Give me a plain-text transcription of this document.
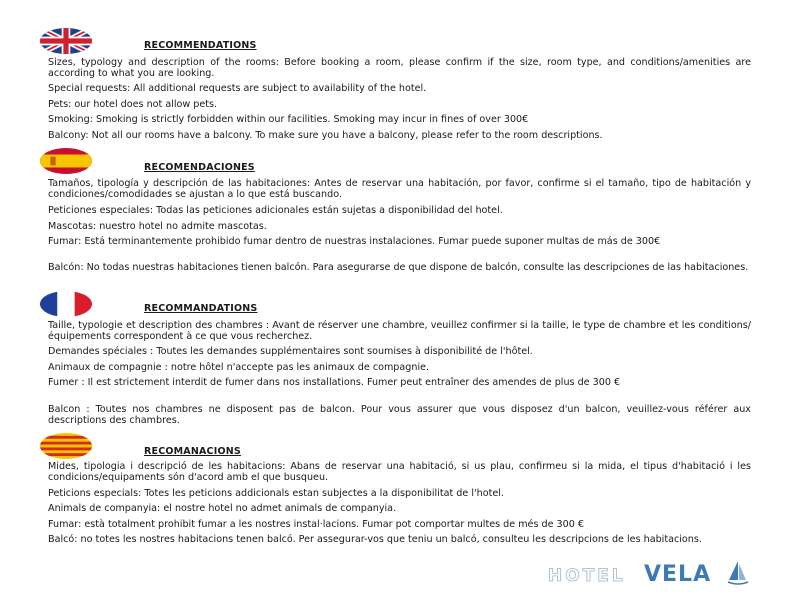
RECOMMENDATIONS

Sizes, typology and description of the rooms: Before booking a room, please confirm if the size, room type, and conditions/amenities are according to what you are looking.

Special requests: All additional requests are subject to availability of the hotel.

Pets: our hotel does not allow pets.

Smoking: Smoking is strictly forbidden within our facilities. Smoking may incur in fines of over 300€

Balcony: Not all our rooms have a balcony. To make sure you have a balcony, please refer to the room descriptions.

RECOMENDACIONES

Tamaños, tipología y descripción de las habitaciones: Antes de reservar una habitación, por favor, confirme si el tamaño, tipo de habitación y condiciones/comodidades se ajustan a lo que está buscando.

Peticiones especiales: Todas las peticiones adicionales están sujetas a disponibilidad del hotel.

Mascotas: nuestro hotel no admite mascotas.

Fumar: Está terminantemente prohibido fumar dentro de nuestras instalaciones. Fumar puede suponer multas de más de 300€

Balcón: No todas nuestras habitaciones tienen balcón. Para asegurarse de que dispone de balcón, consulte las descripciones de las habitaciones.

RECOMMANDATIONS

Taille, typologie et description des chambres : Avant de réserver une chambre, veuillez confirmer si la taille, le type de chambre et les conditions/équipements correspondent à ce que vous recherchez.

Demandes spéciales : Toutes les demandes supplémentaires sont soumises à disponibilité de l'hôtel.

Animaux de compagnie : notre hôtel n'accepte pas les animaux de compagnie.

Fumer : Il est strictement interdit de fumer dans nos installations. Fumer peut entraîner des amendes de plus de 300 €

Balcon : Toutes nos chambres ne disposent pas de balcon. Pour vous assurer que vous disposez d'un balcon, veuillez-vous référer aux descriptions des chambres.

RECOMANACIONS

Mides, tipologia i descripció de les habitacions: Abans de reservar una habitació, si us plau, confirmeu si la mida, el tipus d'habitació i les condicions/equipaments són d'acord amb el que busqueu.

Peticions especials: Totes les peticions addicionals estan subjectes a la disponibilitat de l'hotel.

Animals de companyia: el nostre hotel no admet animals de companyia.

Fumar: està totalment prohibit fumar a les nostres instal·lacions. Fumar pot comportar multes de més de 300 €

Balcó: no totes les nostres habitacions tenen balcó. Per assegurar-vos que teniu un balcó, consulteu les descripcions de les habitacions.

HOTEL VELA
